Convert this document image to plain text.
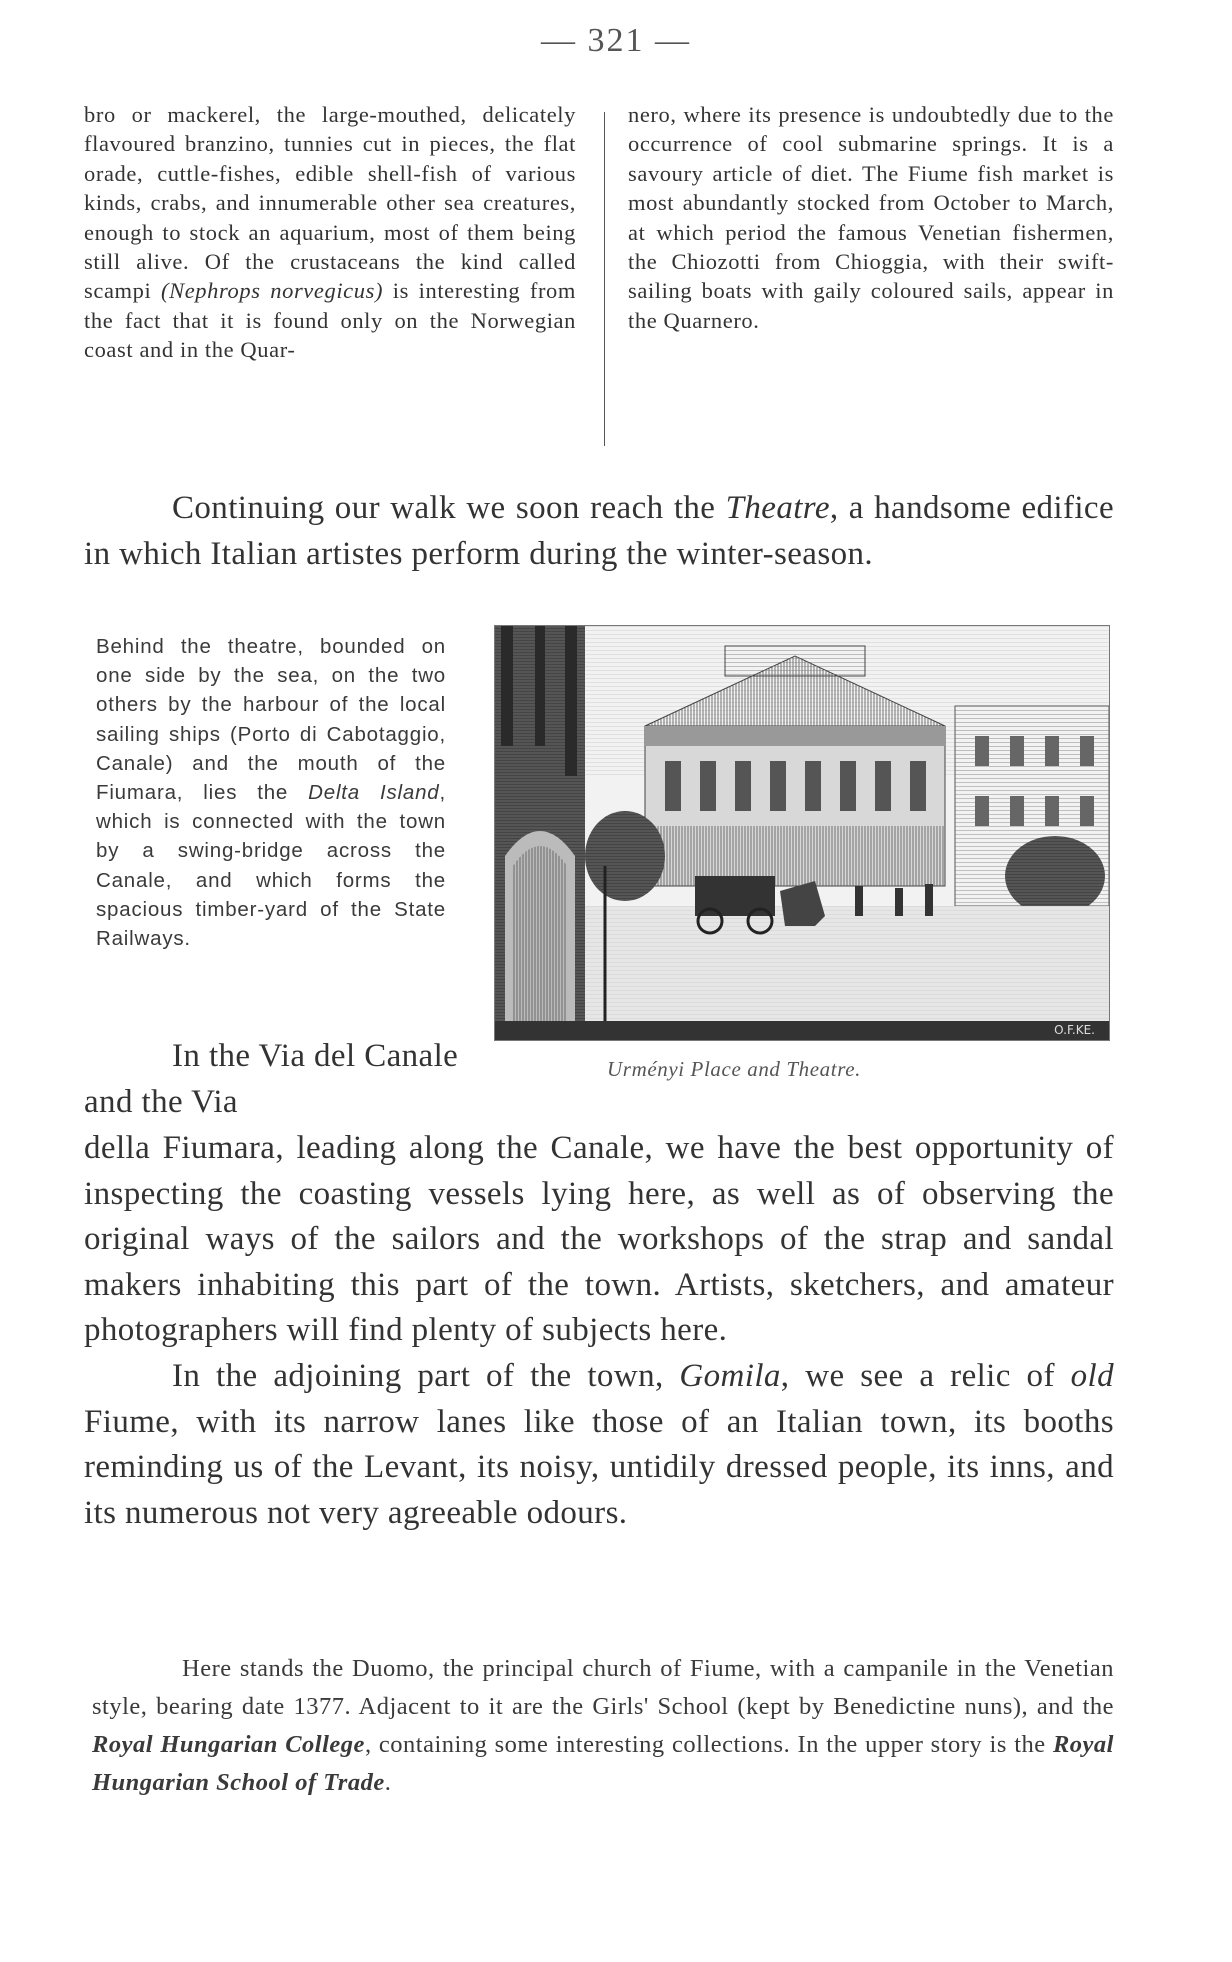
— 321 —
bro or mackerel, the large-mouthed, delicately flavoured branzino, tunnies cut in pieces, the flat orade, cuttle-fishes, edible shell-fish of various kinds, crabs, and innumerable other sea creatures, enough to stock an aquarium, most of them being still alive. Of the crustaceans the kind called scampi (Nephrops norvegicus) is interesting from the fact that it is found only on the Norwegian coast and in the Quar-
nero, where its presence is undoubtedly due to the occurrence of cool submarine springs. It is a savoury article of diet. The Fiume fish market is most abundantly stocked from October to March, at which period the famous Venetian fishermen, the Chiozotti from Chioggia, with their swift-sailing boats with gaily coloured sails, appear in the Quarnero.

Continuing our walk we soon reach the Theatre, a handsome edifice in which Italian artistes perform during the winter-season.

Behind the theatre, bounded on one side by the sea, on the two others by the harbour of the local sailing ships (Porto di Cabotaggio, Canale) and the mouth of the Fiumara, lies the Delta Island, which is connected with the town by a swing-bridge across the Canale, and which forms the spacious timber-yard of the State Railways.
O.F.KE.
Urményi Place and Theatre.

In the Via del Canale and the Via

della Fiumara, leading along the Canale, we have the best opportunity of inspecting the coasting vessels lying here, as well as of observing the original ways of the sailors and the workshops of the strap and sandal makers inhabiting this part of the town. Artists, sketchers, and amateur photographers will find plenty of subjects here.

In the adjoining part of the town, Gomila, we see a relic of old Fiume, with its narrow lanes like those of an Italian town, its booths reminding us of the Levant, its noisy, untidily dressed people, its inns, and its numerous not very agreeable odours.

Here stands the Duomo, the principal church of Fiume, with a campanile in the Venetian style, bearing date 1377. Adjacent to it are the Girls' School (kept by Benedictine nuns), and the Royal Hungarian College, containing some interesting collections. In the upper story is the Royal Hungarian School of Trade.
